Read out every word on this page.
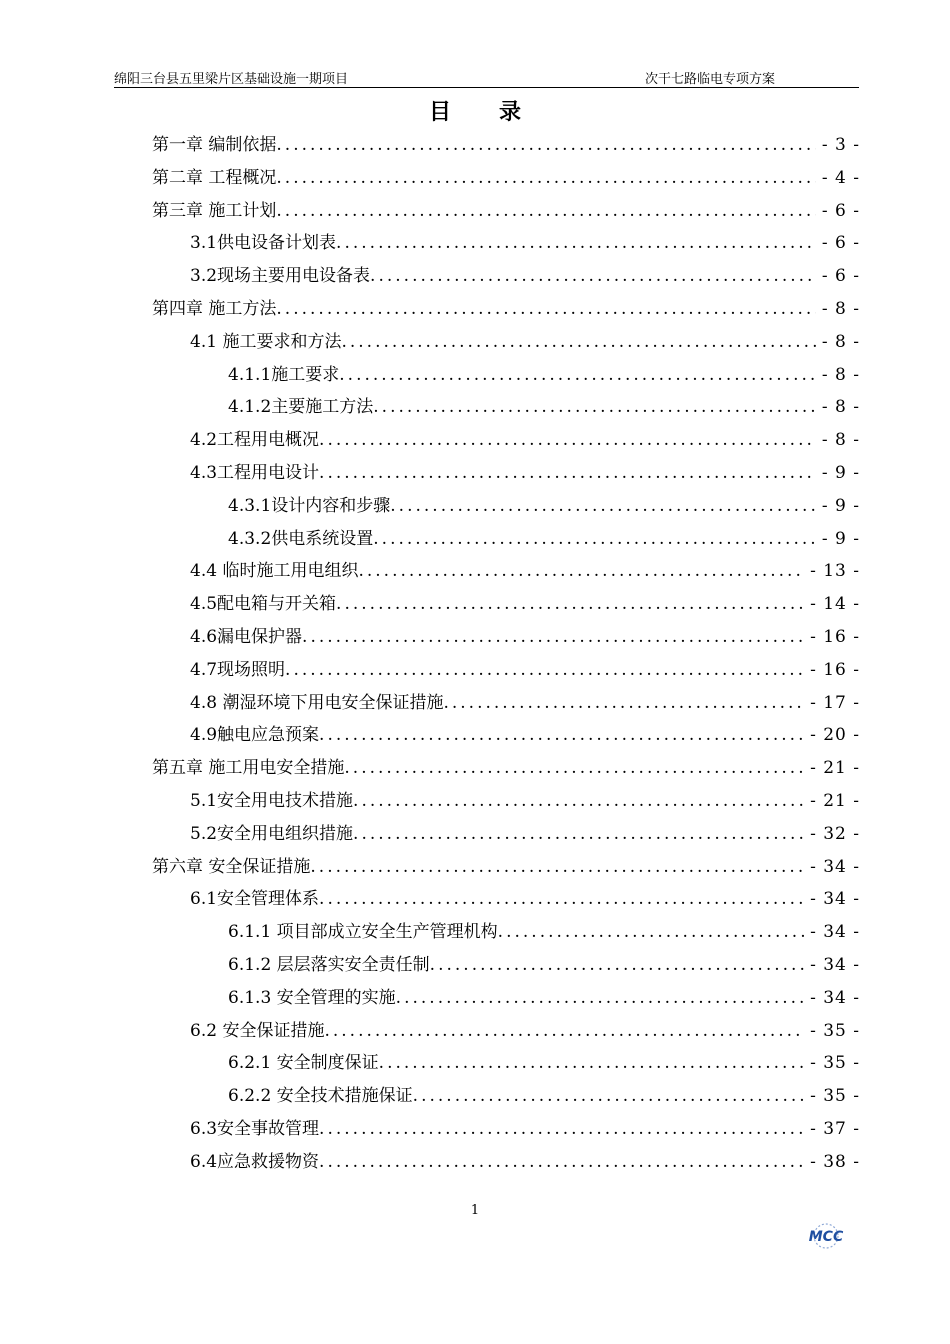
绵阳三台县五里梁片区基础设施一期项目	次干七路临电专项方案
目录
第一章 编制依据 .....	- 3 -
第二章 工程概况 .....	- 4 -
第三章 施工计划 .....	- 6 -
3.1供电设备计划表 .....	- 6 -
3.2现场主要用电设备表 .....	- 6 -
第四章 施工方法 .....	- 8 -
4.1 施工要求和方法 .....	- 8 -
4.1.1施工要求 .....	- 8 -
4.1.2主要施工方法 .....	- 8 -
4.2工程用电概况 .....	- 8 -
4.3工程用电设计 .....	- 9 -
4.3.1设计内容和步骤 .....	- 9 -
4.3.2供电系统设置 .....	- 9 -
4.4 临时施工用电组织 .....	- 13 -
4.5配电箱与开关箱 .....	- 14 -
4.6漏电保护器 .....	- 16 -
4.7现场照明 .....	- 16 -
4.8 潮湿环境下用电安全保证措施 .....	- 17 -
4.9触电应急预案 .....	- 20 -
第五章 施工用电安全措施 .....	- 21 -
5.1安全用电技术措施 .....	- 21 -
5.2安全用电组织措施 .....	- 32 -
第六章 安全保证措施 .....	- 34 -
6.1安全管理体系 .....	- 34 -
6.1.1 项目部成立安全生产管理机构 .....	- 34 -
6.1.2 层层落实安全责任制 .....	- 34 -
6.1.3 安全管理的实施 .....	- 34 -
6.2 安全保证措施 .....	- 35 -
6.2.1 安全制度保证 .....	- 35 -
6.2.2 安全技术措施保证 .....	- 35 -
6.3安全事故管理 .....	- 37 -
6.4应急救援物资 .....	- 38 -
1
MCC
